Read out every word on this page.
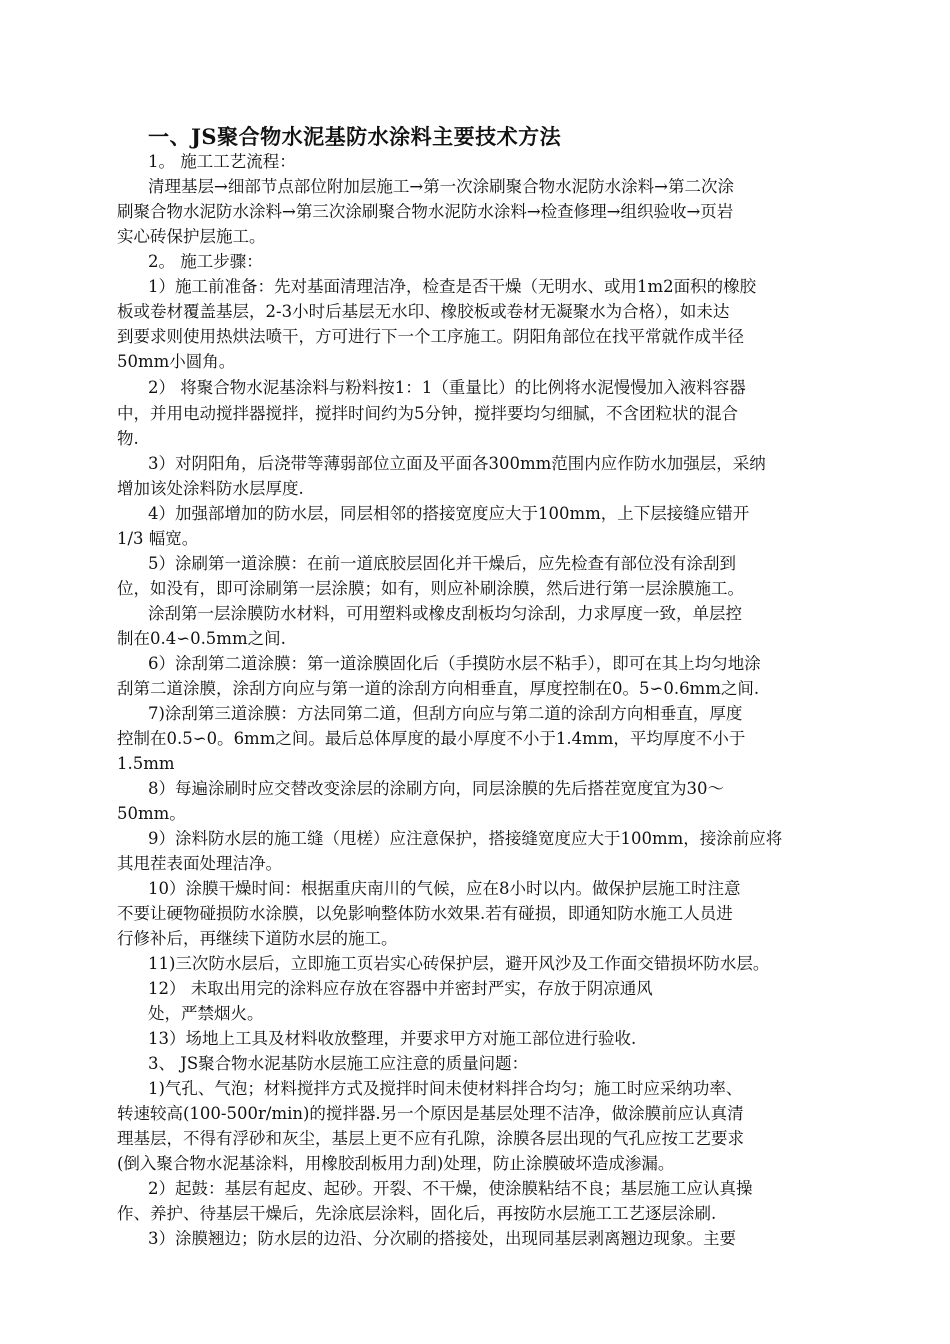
一、JS聚合物水泥基防水涂料主要技术方法
1。 施工工艺流程：
清理基层→细部节点部位附加层施工→第一次涂刷聚合物水泥防水涂料→第二次涂
刷聚合物水泥防水涂料→第三次涂刷聚合物水泥防水涂料→检查修理→组织验收→页岩
实心砖保护层施工。
2。 施工步骤：
1）施工前准备：先对基面清理洁净，检查是否干燥（无明水、或用1m2面积的橡胶
板或卷材覆盖基层，2-3小时后基层无水印、橡胶板或卷材无凝聚水为合格），如未达
到要求则使用热烘法喷干，方可进行下一个工序施工。阴阳角部位在找平常就作成半径
50mm小圆角。
2） 将聚合物水泥基涂料与粉料按1：1（重量比）的比例将水泥慢慢加入液料容器
中，并用电动搅拌器搅拌，搅拌时间约为5分钟，搅拌要均匀细腻，不含团粒状的混合
物.
3）对阴阳角，后浇带等薄弱部位立面及平面各300mm范围内应作防水加强层，采纳
增加该处涂料防水层厚度.
4）加强部增加的防水层，同层相邻的搭接宽度应大于100mm，上下层接缝应错开
1/3 幅宽。
5）涂刷第一道涂膜：在前一道底胶层固化并干燥后，应先检查有部位没有涂刮到
位，如没有，即可涂刷第一层涂膜；如有，则应补刷涂膜，然后进行第一层涂膜施工。
涂刮第一层涂膜防水材料，可用塑料或橡皮刮板均匀涂刮，力求厚度一致，单层控
制在0.4∽0.5mm之间.
6）涂刮第二道涂膜：第一道涂膜固化后（手摸防水层不粘手），即可在其上均匀地涂
刮第二道涂膜，涂刮方向应与第一道的涂刮方向相垂直，厚度控制在0。5∽0.6mm之间.
7)涂刮第三道涂膜：方法同第二道，但刮方向应与第二道的涂刮方向相垂直，厚度
控制在0.5∽0。6mm之间。最后总体厚度的最小厚度不小于1.4mm，平均厚度不小于
1.5mm
8）每遍涂刷时应交替改变涂层的涂刷方向，同层涂膜的先后搭茬宽度宜为30～
50mm。
9）涂料防水层的施工缝（甩槎）应注意保护，搭接缝宽度应大于100mm，接涂前应将
其甩茬表面处理洁净。
10）涂膜干燥时间：根据重庆南川的气候，应在8小时以内。做保护层施工时注意
不要让硬物碰损防水涂膜，以免影响整体防水效果.若有碰损，即通知防水施工人员进
行修补后，再继续下道防水层的施工。
11)三次防水层后，立即施工页岩实心砖保护层，避开风沙及工作面交错损坏防水层。
12） 未取出用完的涂料应存放在容器中并密封严实，存放于阴凉通风
处，严禁烟火。
13）场地上工具及材料收放整理，并要求甲方对施工部位进行验收.
3、 JS聚合物水泥基防水层施工应注意的质量问题：
1)气孔、气泡；材料搅拌方式及搅拌时间未使材料拌合均匀；施工时应采纳功率、
转速较高(100-500r/min)的搅拌器.另一个原因是基层处理不洁净，做涂膜前应认真清
理基层，不得有浮砂和灰尘，基层上更不应有孔隙，涂膜各层出现的气孔应按工艺要求
(倒入聚合物水泥基涂料，用橡胶刮板用力刮)处理，防止涂膜破坏造成渗漏。
2）起鼓：基层有起皮、起砂。开裂、不干燥，使涂膜粘结不良；基层施工应认真操
作、养护、待基层干燥后，先涂底层涂料，固化后，再按防水层施工工艺逐层涂刷.
3）涂膜翘边；防水层的边沿、分次刷的搭接处，出现同基层剥离翘边现象。主要
